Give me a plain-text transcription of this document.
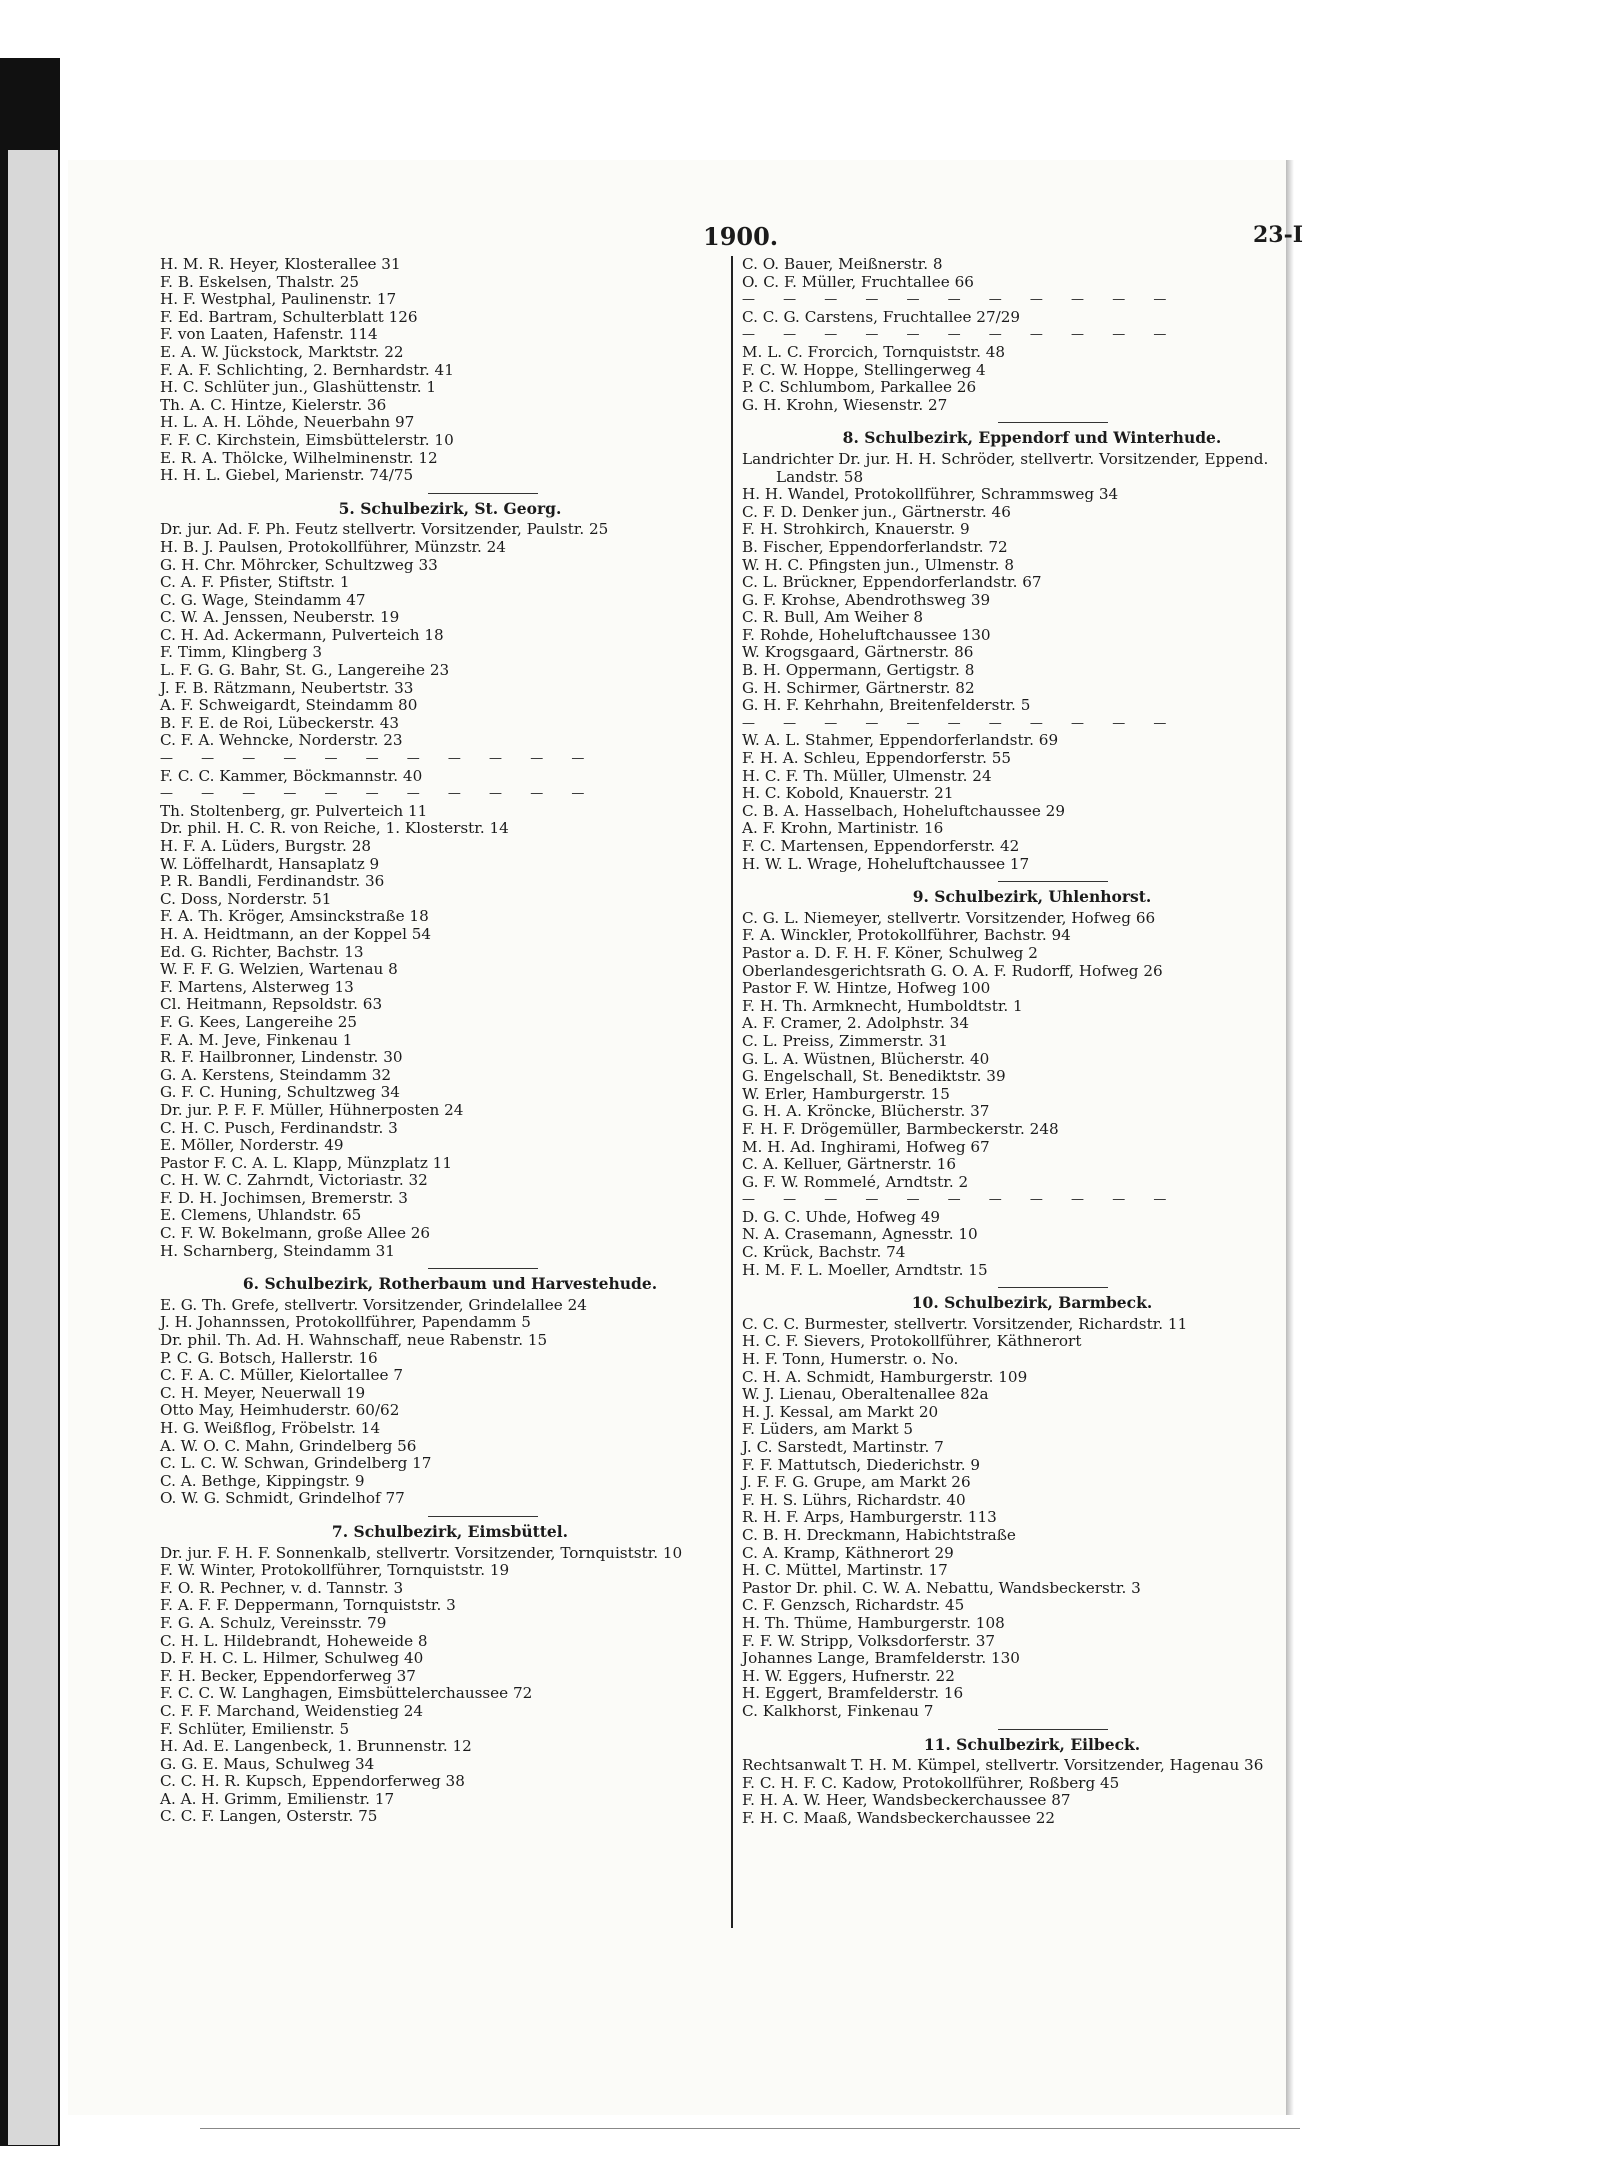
1900.	23-I
H. M. R. Heyer, Klosterallee 31
F. B. Eskelsen, Thalstr. 25
H. F. Westphal, Paulinenstr. 17
F. Ed. Bartram, Schulterblatt 126
F. von Laaten, Hafenstr. 114
E. A. W. Jückstock, Marktstr. 22
F. A. F. Schlichting, 2. Bernhardstr. 41
H. C. Schlüter jun., Glashüttenstr. 1
Th. A. C. Hintze, Kielerstr. 36
H. L. A. H. Löhde, Neuerbahn 97
F. F. C. Kirchstein, Eimsbüttelerstr. 10
E. R. A. Thölcke, Wilhelminenstr. 12
H. H. L. Giebel, Marienstr. 74/75
5. Schulbezirk, St. Georg.
Dr. jur. Ad. F. Ph. Feutz stellvertr. Vorsitzender, Paulstr. 25
H. B. J. Paulsen, Protokollführer, Münzstr. 24
G. H. Chr. Möhrcker, Schultzweg 33
C. A. F. Pfister, Stiftstr. 1
C. G. Wage, Steindamm 47
C. W. A. Jenssen, Neuberstr. 19
C. H. Ad. Ackermann, Pulverteich 18
F. Timm, Klingberg 3
L. F. G. G. Bahr, St. G., Langereihe 23
J. F. B. Rätzmann, Neubertstr. 33
A. F. Schweigardt, Steindamm 80
B. F. E. de Roi, Lübeckerstr. 43
C. F. A. Wehncke, Norderstr. 23
— — — — — — — — — — —
F. C. C. Kammer, Böckmannstr. 40
— — — — — — — — — — —
Th. Stoltenberg, gr. Pulverteich 11
Dr. phil. H. C. R. von Reiche, 1. Klosterstr. 14
H. F. A. Lüders, Burgstr. 28
W. Löffelhardt, Hansaplatz 9
P. R. Bandli, Ferdinandstr. 36
C. Doss, Norderstr. 51
F. A. Th. Kröger, Amsinckstraße 18
H. A. Heidtmann, an der Koppel 54
Ed. G. Richter, Bachstr. 13
W. F. F. G. Welzien, Wartenau 8
F. Martens, Alsterweg 13
Cl. Heitmann, Repsoldstr. 63
F. G. Kees, Langereihe 25
F. A. M. Jeve, Finkenau 1
R. F. Hailbronner, Lindenstr. 30
G. A. Kerstens, Steindamm 32
G. F. C. Huning, Schultzweg 34
Dr. jur. P. F. F. Müller, Hühnerposten 24
C. H. C. Pusch, Ferdinandstr. 3
E. Möller, Norderstr. 49
Pastor F. C. A. L. Klapp, Münzplatz 11
C. H. W. C. Zahrndt, Victoriastr. 32
F. D. H. Jochimsen, Bremerstr. 3
E. Clemens, Uhlandstr. 65
C. F. W. Bokelmann, große Allee 26
H. Scharnberg, Steindamm 31
6. Schulbezirk, Rotherbaum und Harvestehude.
E. G. Th. Grefe, stellvertr. Vorsitzender, Grindelallee 24
J. H. Johannssen, Protokollführer, Papendamm 5
Dr. phil. Th. Ad. H. Wahnschaff, neue Rabenstr. 15
P. C. G. Botsch, Hallerstr. 16
C. F. A. C. Müller, Kielortallee 7
C. H. Meyer, Neuerwall 19
Otto May, Heimhuderstr. 60/62
H. G. Weißflog, Fröbelstr. 14
A. W. O. C. Mahn, Grindelberg 56
C. L. C. W. Schwan, Grindelberg 17
C. A. Bethge, Kippingstr. 9
O. W. G. Schmidt, Grindelhof 77
7. Schulbezirk, Eimsbüttel.
Dr. jur. F. H. F. Sonnenkalb, stellvertr. Vorsitzender, Tornquiststr. 10
F. W. Winter, Protokollführer, Tornquiststr. 19
F. O. R. Pechner, v. d. Tannstr. 3
F. A. F. F. Deppermann, Tornquiststr. 3
F. G. A. Schulz, Vereinsstr. 79
C. H. L. Hildebrandt, Hoheweide 8
D. F. H. C. L. Hilmer, Schulweg 40
F. H. Becker, Eppendorferweg 37
F. C. C. W. Langhagen, Eimsbüttelerchaussee 72
C. F. F. Marchand, Weidenstieg 24
F. Schlüter, Emilienstr. 5
H. Ad. E. Langenbeck, 1. Brunnenstr. 12
G. G. E. Maus, Schulweg 34
C. C. H. R. Kupsch, Eppendorferweg 38
A. A. H. Grimm, Emilienstr. 17
C. C. F. Langen, Osterstr. 75
C. O. Bauer, Meißnerstr. 8
O. C. F. Müller, Fruchtallee 66
— — — — — — — — — — —
C. C. G. Carstens, Fruchtallee 27/29
— — — — — — — — — — —
M. L. C. Frorcich, Tornquiststr. 48
F. C. W. Hoppe, Stellingerweg 4
P. C. Schlumbom, Parkallee 26
G. H. Krohn, Wiesenstr. 27
8. Schulbezirk, Eppendorf und Winterhude.
Landrichter Dr. jur. H. H. Schröder, stellvertr. Vorsitzender, Eppend.
Landstr. 58
H. H. Wandel, Protokollführer, Schrammsweg 34
C. F. D. Denker jun., Gärtnerstr. 46
F. H. Strohkirch, Knauerstr. 9
B. Fischer, Eppendorferlandstr. 72
W. H. C. Pfingsten jun., Ulmenstr. 8
C. L. Brückner, Eppendorferlandstr. 67
G. F. Krohse, Abendrothsweg 39
C. R. Bull, Am Weiher 8
F. Rohde, Hoheluftchaussee 130
W. Krogsgaard, Gärtnerstr. 86
B. H. Oppermann, Gertigstr. 8
G. H. Schirmer, Gärtnerstr. 82
G. H. F. Kehrhahn, Breitenfelderstr. 5
— — — — — — — — — — —
W. A. L. Stahmer, Eppendorferlandstr. 69
F. H. A. Schleu, Eppendorferstr. 55
H. C. F. Th. Müller, Ulmenstr. 24
H. C. Kobold, Knauerstr. 21
C. B. A. Hasselbach, Hoheluftchaussee 29
A. F. Krohn, Martinistr. 16
F. C. Martensen, Eppendorferstr. 42
H. W. L. Wrage, Hoheluftchaussee 17
9. Schulbezirk, Uhlenhorst.
C. G. L. Niemeyer, stellvertr. Vorsitzender, Hofweg 66
F. A. Winckler, Protokollführer, Bachstr. 94
Pastor a. D. F. H. F. Köner, Schulweg 2
Oberlandesgerichtsrath G. O. A. F. Rudorff, Hofweg 26
Pastor F. W. Hintze, Hofweg 100
F. H. Th. Armknecht, Humboldtstr. 1
A. F. Cramer, 2. Adolphstr. 34
C. L. Preiss, Zimmerstr. 31
G. L. A. Wüstnen, Blücherstr. 40
G. Engelschall, St. Benediktstr. 39
W. Erler, Hamburgerstr. 15
G. H. A. Kröncke, Blücherstr. 37
F. H. F. Drögemüller, Barmbeckerstr. 248
M. H. Ad. Inghirami, Hofweg 67
C. A. Kelluer, Gärtnerstr. 16
G. F. W. Rommelé, Arndtstr. 2
— — — — — — — — — — —
D. G. C. Uhde, Hofweg 49
N. A. Crasemann, Agnesstr. 10
C. Krück, Bachstr. 74
H. M. F. L. Moeller, Arndtstr. 15
10. Schulbezirk, Barmbeck.
C. C. C. Burmester, stellvertr. Vorsitzender, Richardstr. 11
H. C. F. Sievers, Protokollführer, Käthnerort
H. F. Tonn, Humerstr. o. No.
C. H. A. Schmidt, Hamburgerstr. 109
W. J. Lienau, Oberaltenallee 82a
H. J. Kessal, am Markt 20
F. Lüders, am Markt 5
J. C. Sarstedt, Martinstr. 7
F. F. Mattutsch, Diederichstr. 9
J. F. F. G. Grupe, am Markt 26
F. H. S. Lührs, Richardstr. 40
R. H. F. Arps, Hamburgerstr. 113
C. B. H. Dreckmann, Habichtstraße
C. A. Kramp, Käthnerort 29
H. C. Müttel, Martinstr. 17
Pastor Dr. phil. C. W. A. Nebattu, Wandsbeckerstr. 3
C. F. Genzsch, Richardstr. 45
H. Th. Thüme, Hamburgerstr. 108
F. F. W. Stripp, Volksdorferstr. 37
Johannes Lange, Bramfelderstr. 130
H. W. Eggers, Hufnerstr. 22
H. Eggert, Bramfelderstr. 16
C. Kalkhorst, Finkenau 7
11. Schulbezirk, Eilbeck.
Rechtsanwalt T. H. M. Kümpel, stellvertr. Vorsitzender, Hagenau 36
F. C. H. F. C. Kadow, Protokollführer, Roßberg 45
F. H. A. W. Heer, Wandsbeckerchaussee 87
F. H. C. Maaß, Wandsbeckerchaussee 22
